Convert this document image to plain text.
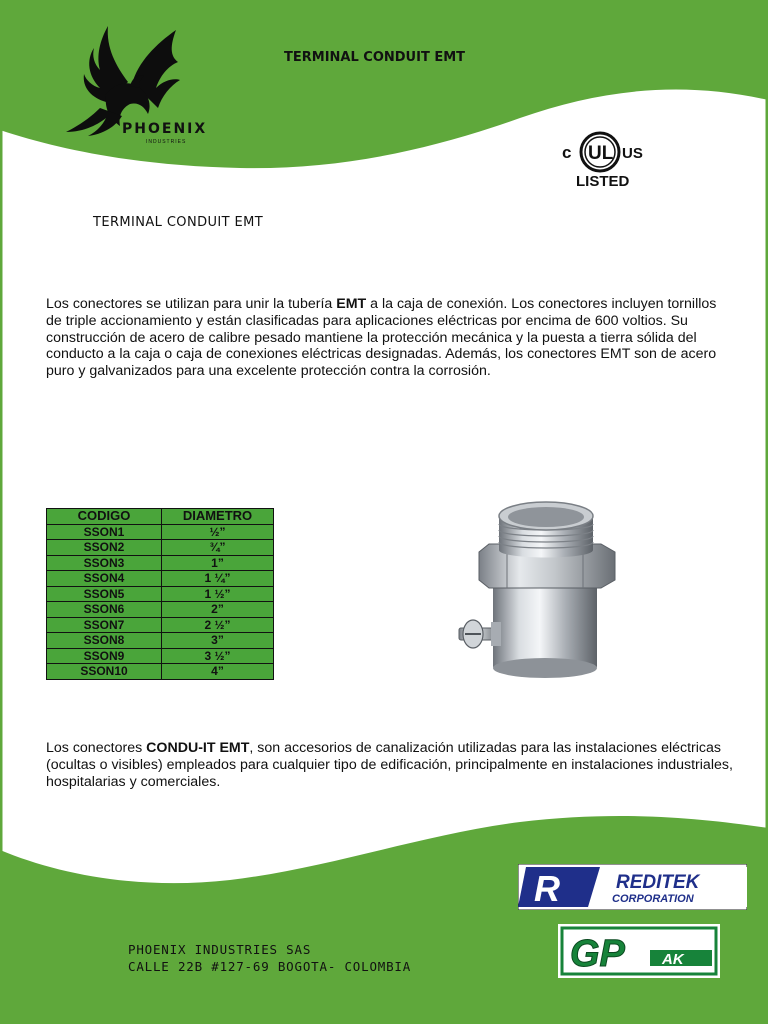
PHOENIX
INDUSTRIES
TERMINAL CONDUIT EMT
c UL US
LISTED
TERMINAL CONDUIT EMT

Los conectores se utilizan para unir la tubería EMT a la caja de conexión. Los conectores incluyen tornillos de triple accionamiento y están clasificadas para aplicaciones eléctricas por encima de 600 voltios. Su construcción de acero de calibre pesado mantiene la protección mecánica y la puesta a tierra sólida del conducto a la caja o caja de conexiones eléctricas designadas. Además, los conectores EMT son de acero puro y galvanizados para una excelente protección contra la corrosión.

CODIGO	DIAMETRO
SSON1	½”
SSON2	¾”
SSON3	1”
SSON4	1 ¼”
SSON5	1 ½”
SSON6	2”
SSON7	2 ½”
SSON8	3”
SSON9	3 ½”
SSON10	4”

Los conectores CONDU-IT EMT, son accesorios de canalización utilizadas para las instalaciones eléctricas (ocultas o visibles) empleados para cualquier tipo de edificación, principalmente en instalaciones industriales, hospitalarias y comerciales.

R	REDITEK
CORPORATION
GP AK
PHOENIX INDUSTRIES SAS
CALLE 22B #127-69 BOGOTA- COLOMBIA
